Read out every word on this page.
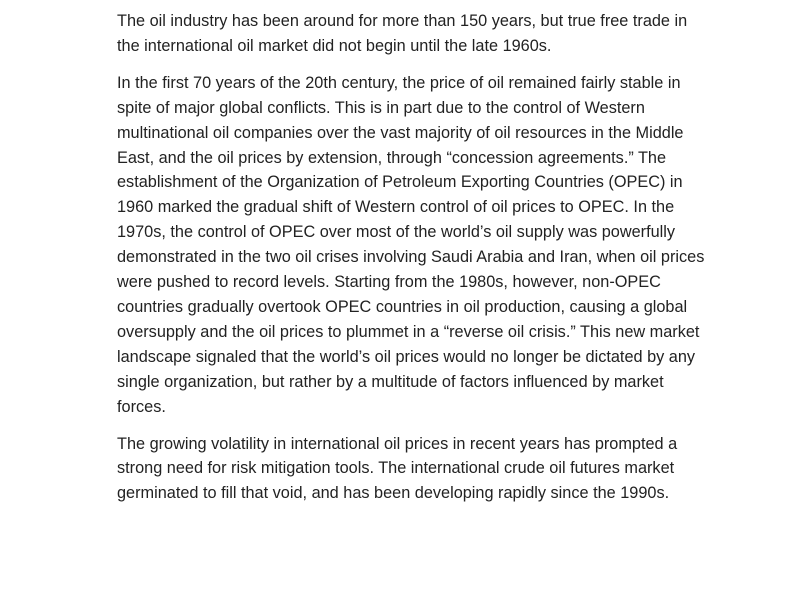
The oil industry has been around for more than 150 years, but true free trade in the international oil market did not begin until the late 1960s.

In the first 70 years of the 20th century, the price of oil remained fairly stable in spite of major global conflicts. This is in part due to the control of Western multinational oil companies over the vast majority of oil resources in the Middle East, and the oil prices by extension, through “concession agreements.” The establishment of the Organization of Petroleum Exporting Countries (OPEC) in 1960 marked the gradual shift of Western control of oil prices to OPEC. In the 1970s, the control of OPEC over most of the world’s oil supply was powerfully demonstrated in the two oil crises involving Saudi Arabia and Iran, when oil prices were pushed to record levels. Starting from the 1980s, however, non-OPEC countries gradually overtook OPEC countries in oil production, causing a global oversupply and the oil prices to plummet in a “reverse oil crisis.” This new market landscape signaled that the world’s oil prices would no longer be dictated by any single organization, but rather by a multitude of factors influenced by market forces.

The growing volatility in international oil prices in recent years has prompted a strong need for risk mitigation tools. The international crude oil futures market germinated to fill that void, and has been developing rapidly since the 1990s.
